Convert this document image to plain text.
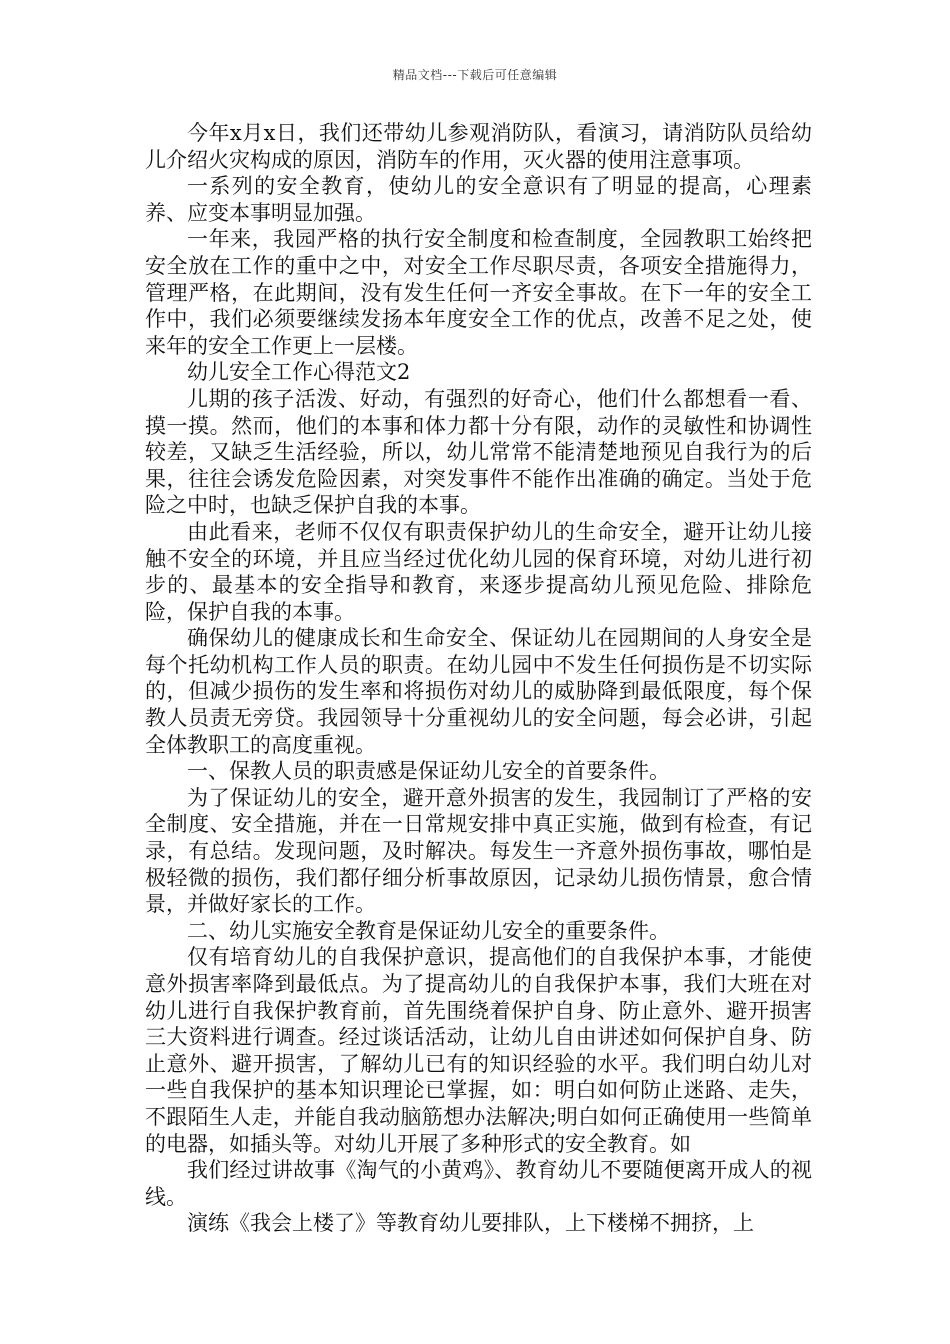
精品文档---下载后可任意编辑

今年x月x日，我们还带幼儿参观消防队，看演习，请消防队员给幼儿介绍火灾构成的原因，消防车的作用，灭火器的使用注意事项。

一系列的安全教育，使幼儿的安全意识有了明显的提高，心理素养、应变本事明显加强。

一年来，我园严格的执行安全制度和检查制度，全园教职工始终把安全放在工作的重中之中，对安全工作尽职尽责，各项安全措施得力，管理严格，在此期间，没有发生任何一齐安全事故。在下一年的安全工作中，我们必须要继续发扬本年度安全工作的优点，改善不足之处，使来年的安全工作更上一层楼。

幼儿安全工作心得范文2

儿期的孩子活泼、好动，有强烈的好奇心，他们什么都想看一看、摸一摸。然而，他们的本事和体力都十分有限，动作的灵敏性和协调性较差，又缺乏生活经验，所以，幼儿常常不能清楚地预见自我行为的后果，往往会诱发危险因素，对突发事件不能作出准确的确定。当处于危险之中时，也缺乏保护自我的本事。

由此看来，老师不仅仅有职责保护幼儿的生命安全，避开让幼儿接触不安全的环境，并且应当经过优化幼儿园的保育环境，对幼儿进行初步的、最基本的安全指导和教育，来逐步提高幼儿预见危险、排除危险，保护自我的本事。

确保幼儿的健康成长和生命安全、保证幼儿在园期间的人身安全是每个托幼机构工作人员的职责。在幼儿园中不发生任何损伤是不切实际的，但减少损伤的发生率和将损伤对幼儿的威胁降到最低限度，每个保教人员责无旁贷。我园领导十分重视幼儿的安全问题，每会必讲，引起全体教职工的高度重视。

一、保教人员的职责感是保证幼儿安全的首要条件。

为了保证幼儿的安全，避开意外损害的发生，我园制订了严格的安全制度、安全措施，并在一日常规安排中真正实施，做到有检查，有记录，有总结。发现问题，及时解决。每发生一齐意外损伤事故，哪怕是极轻微的损伤，我们都仔细分析事故原因，记录幼儿损伤情景，愈合情景，并做好家长的工作。

二、幼儿实施安全教育是保证幼儿安全的重要条件。

仅有培育幼儿的自我保护意识，提高他们的自我保护本事，才能使意外损害率降到最低点。为了提高幼儿的自我保护本事，我们大班在对幼儿进行自我保护教育前，首先围绕着保护自身、防止意外、避开损害三大资料进行调查。经过谈话活动，让幼儿自由讲述如何保护自身、防止意外、避开损害，了解幼儿已有的知识经验的水平。我们明白幼儿对一些自我保护的基本知识理论已掌握，如：明白如何防止迷路、走失，不跟陌生人走，并能自我动脑筋想办法解决;明白如何正确使用一些简单的电器，如插头等。对幼儿开展了多种形式的安全教育。如

我们经过讲故事《淘气的小黄鸡》、教育幼儿不要随便离开成人的视线。

演练《我会上楼了》等教育幼儿要排队，上下楼梯不拥挤，上
